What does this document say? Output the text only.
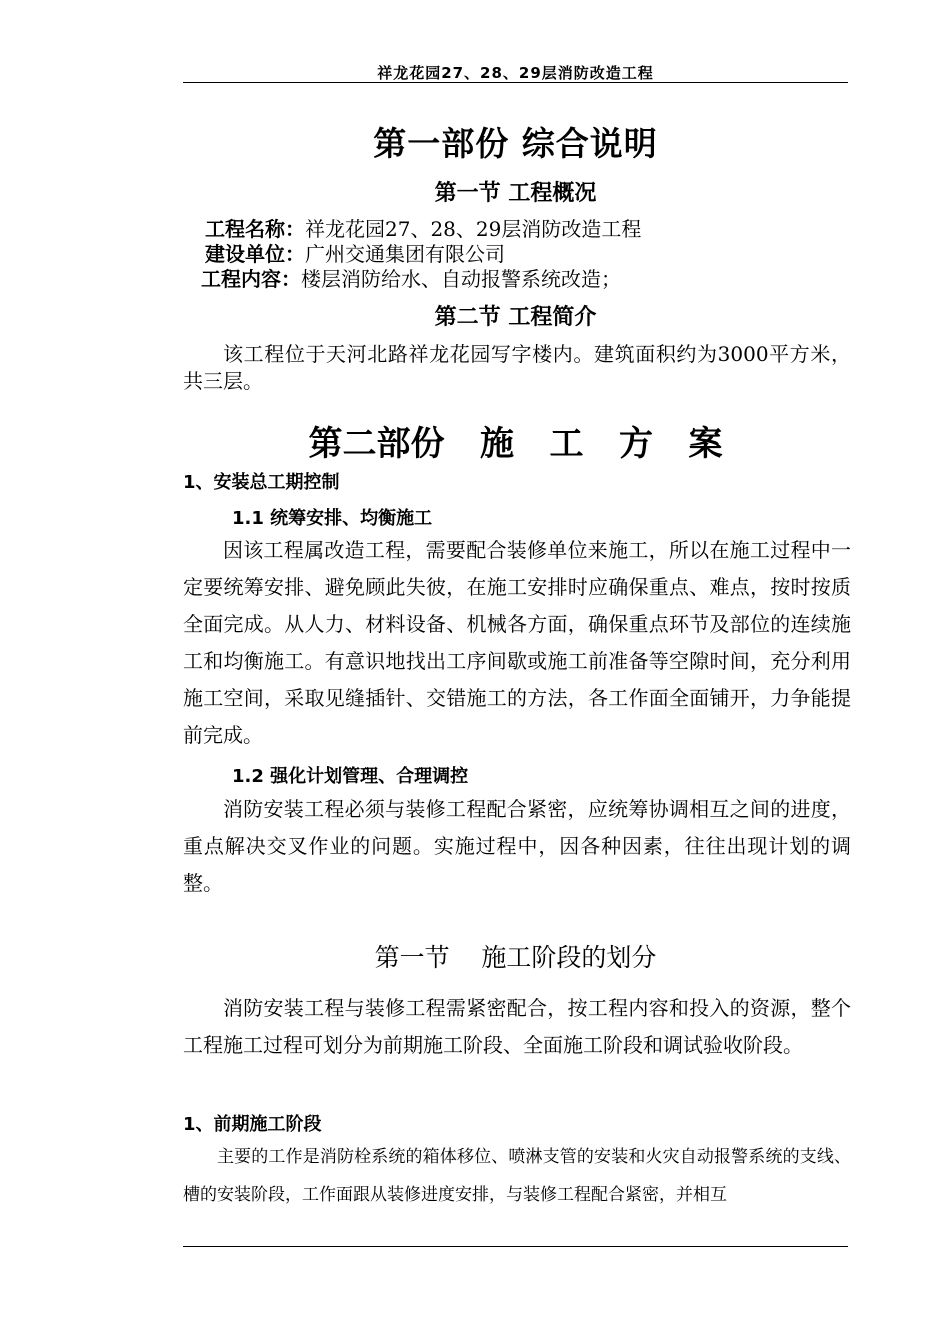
祥龙花园27、28、29层消防改造工程
第一部份 综合说明
第一节 工程概况
工程名称：祥龙花园27、28、29层消防改造工程
建设单位：广州交通集团有限公司
工程内容：楼层消防给水、自动报警系统改造；
第二节 工程简介

该工程位于天河北路祥龙花园写字楼内。建筑面积约为3000平方米，共三层。

第二部份   施   工   方   案
1、安装总工期控制
1.1 统筹安排、均衡施工

因该工程属改造工程，需要配合装修单位来施工，所以在施工过程中一定要统筹安排、避免顾此失彼，在施工安排时应确保重点、难点，按时按质全面完成。从人力、材料设备、机械各方面，确保重点环节及部位的连续施工和均衡施工。有意识地找出工序间歇或施工前准备等空隙时间，充分利用施工空间，采取见缝插针、交错施工的方法，各工作面全面铺开，力争能提前完成。

1.2 强化计划管理、合理调控

消防安装工程必须与装修工程配合紧密，应统筹协调相互之间的进度，重点解决交叉作业的问题。实施过程中，因各种因素，往往出现计划的调整。

第一节    施工阶段的划分

消防安装工程与装修工程需紧密配合，按工程内容和投入的资源，整个工程施工过程可划分为前期施工阶段、全面施工阶段和调试验收阶段。

1、前期施工阶段

主要的工作是消防栓系统的箱体移位、喷淋支管的安装和火灾自动报警系统的支线、槽的安装阶段，工作面跟从装修进度安排，与装修工程配合紧密，并相互
